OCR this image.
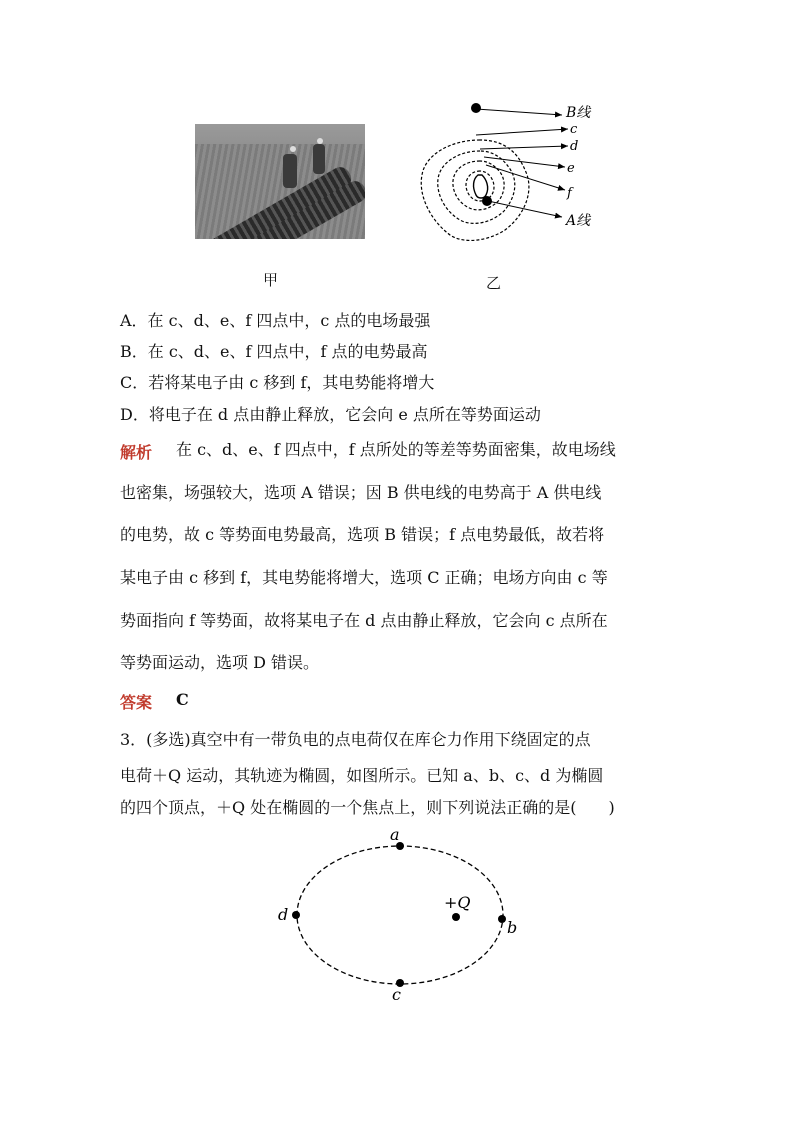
甲
B线
c
d
e
f
A线
乙
A．在 c、d、e、f 四点中，c 点的电场最强
B．在 c、d、e、f 四点中，f 点的电势最高
C．若将某电子由 c 移到 f，其电势能将增大
D．将电子在 d 点由静止释放，它会向 e 点所在等势面运动
解析 在 c、d、e、f 四点中，f 点所处的等差等势面密集，故电场线
也密集，场强较大，选项 A 错误；因 B 供电线的电势高于 A 供电线
的电势，故 c 等势面电势最高，选项 B 错误；f 点电势最低，故若将
某电子由 c 移到 f，其电势能将增大，选项 C 正确；电场方向由 c 等
势面指向 f 等势面，故将某电子在 d 点由静止释放，它会向 c 点所在
等势面运动，选项 D 错误。
答案 C
3．(多选)真空中有一带负电的点电荷仅在库仑力作用下绕固定的点
电荷＋Q 运动，其轨迹为椭圆，如图所示。已知 a、b、c、d 为椭圆
的四个顶点，＋Q 处在椭圆的一个焦点上，则下列说法正确的是(　　)
a
b
c
d
+Q
